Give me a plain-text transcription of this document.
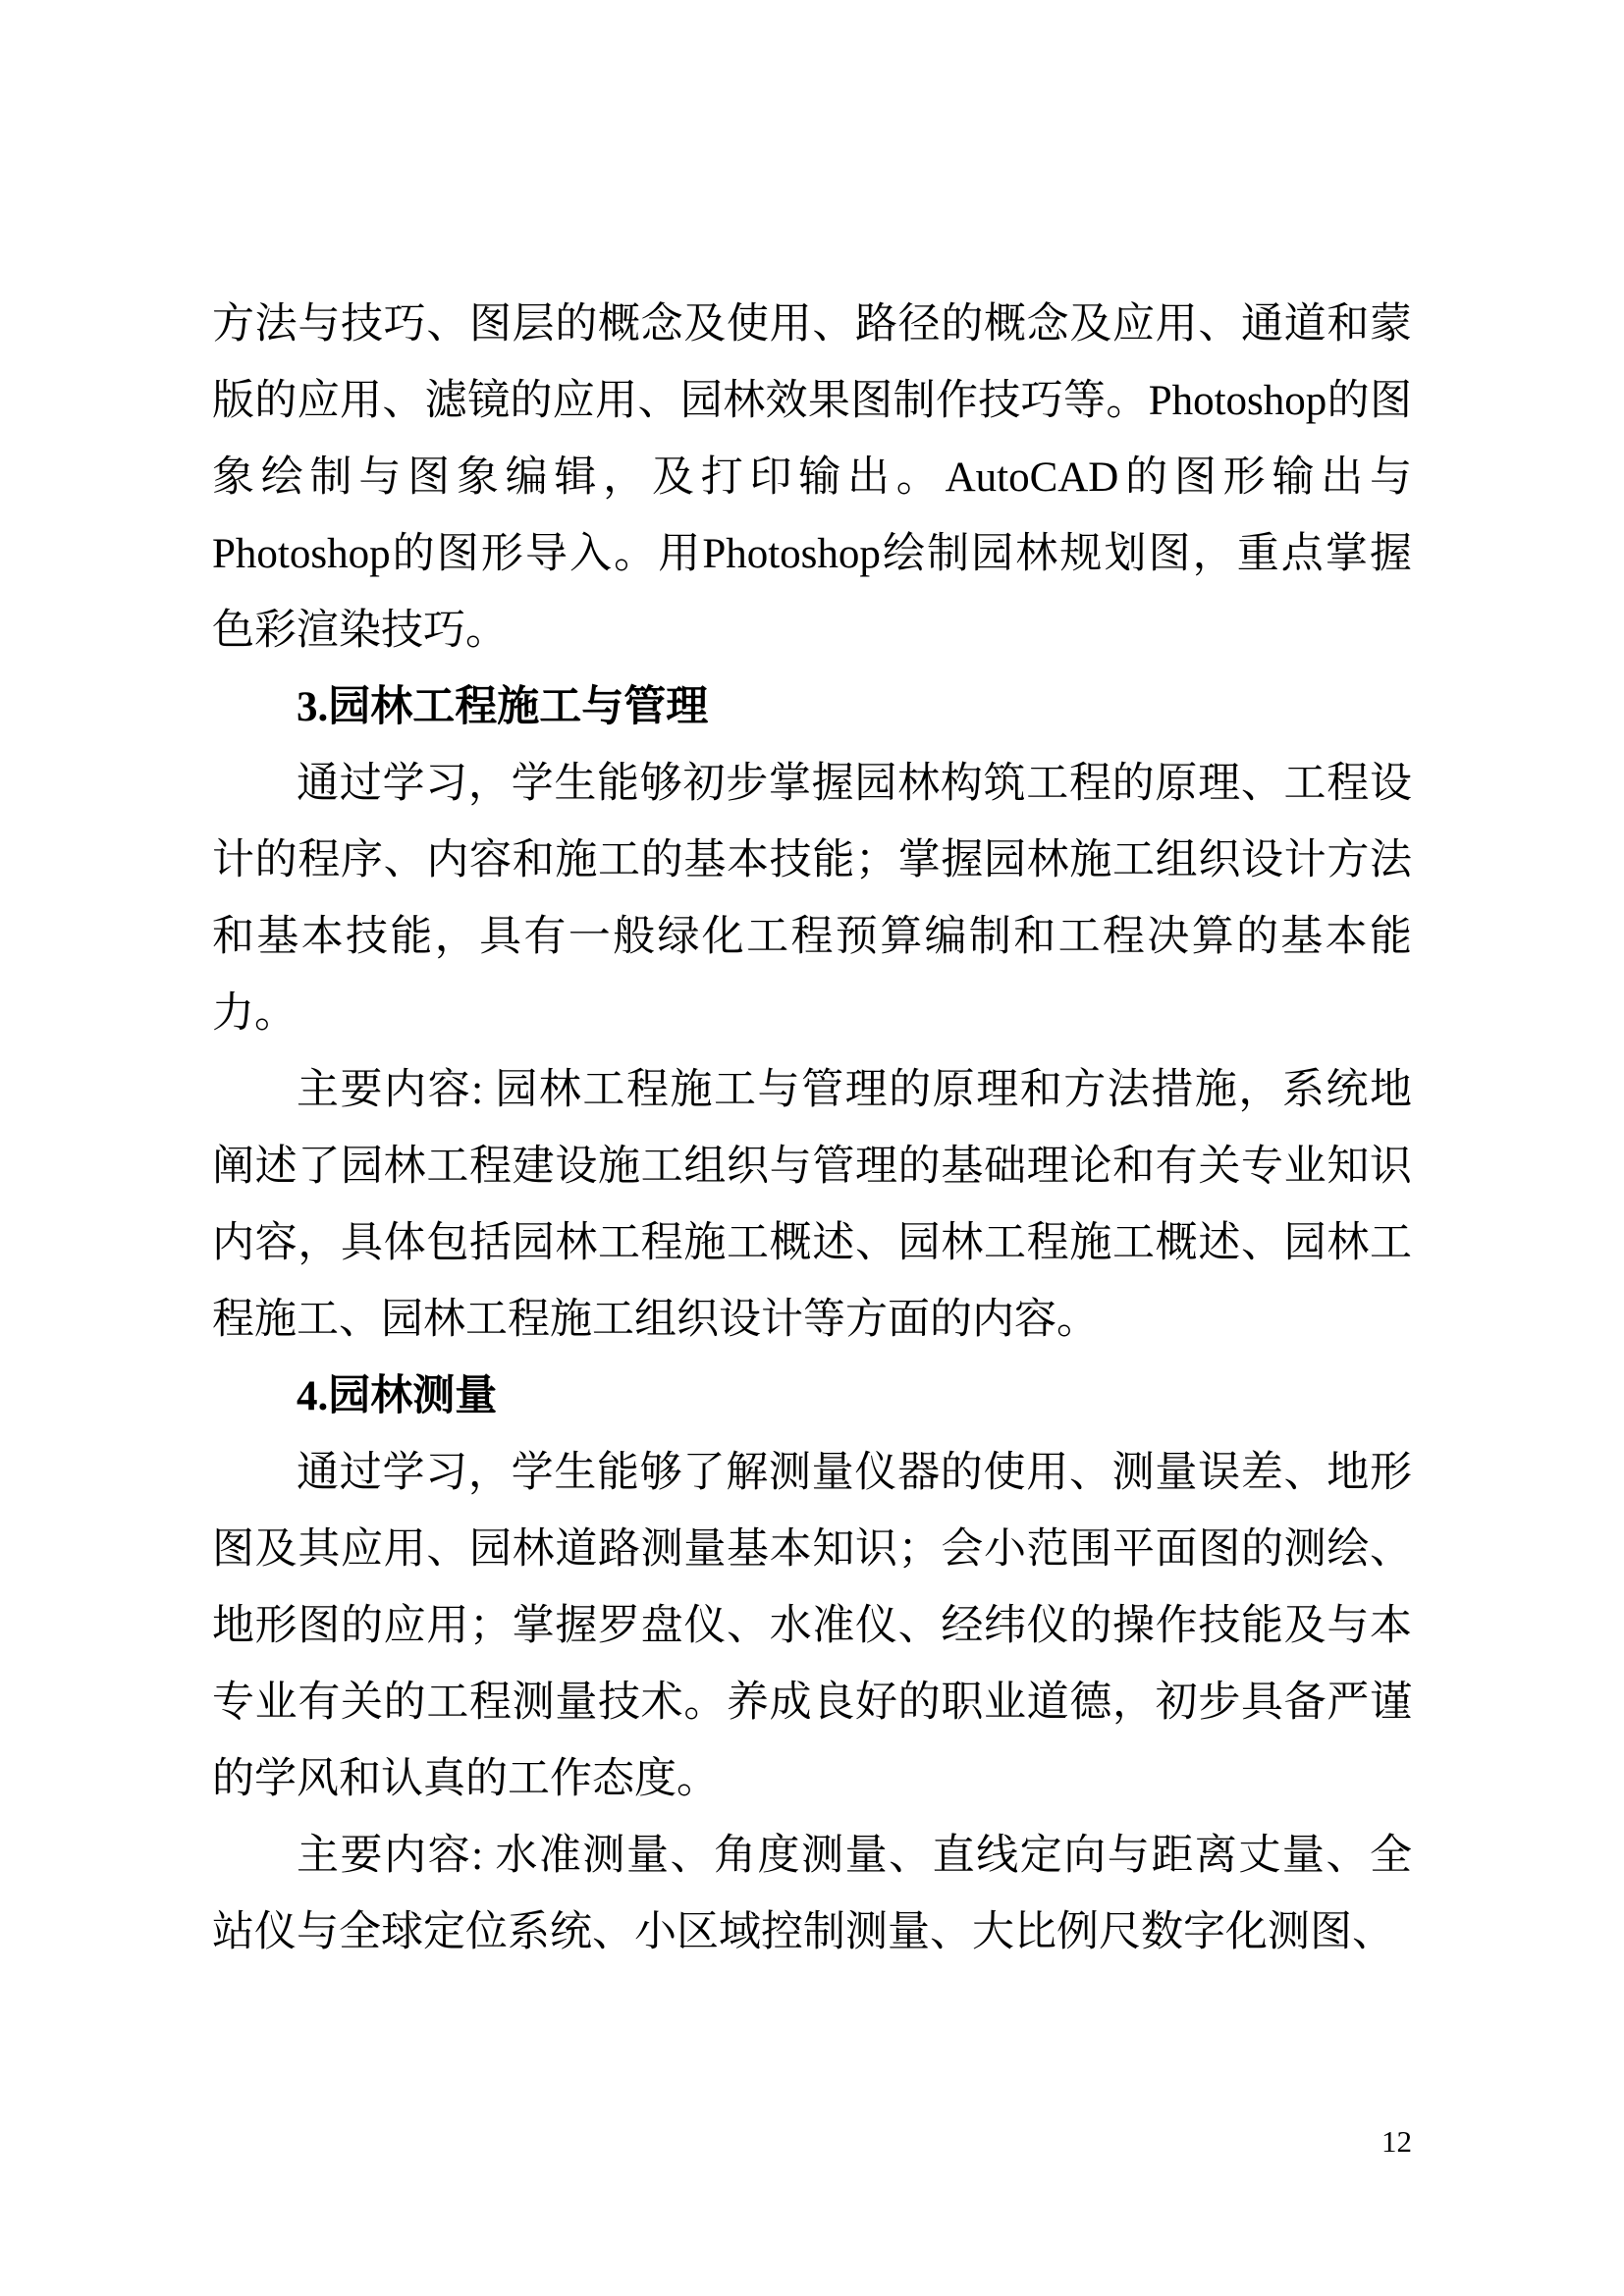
方法与技巧、图层的概念及使用、路径的概念及应用、通道和蒙版的应用、滤镜的应用、园林效果图制作技巧等。Photoshop的图象绘制与图象编辑，及打印输出。AutoCAD的图形输出与Photoshop的图形导入。用Photoshop绘制园林规划图，重点掌握色彩渲染技巧。

3.园林工程施工与管理

通过学习，学生能够初步掌握园林构筑工程的原理、工程设计的程序、内容和施工的基本技能；掌握园林施工组织设计方法和基本技能，具有一般绿化工程预算编制和工程决算的基本能力。

主要内容: 园林工程施工与管理的原理和方法措施，系统地阐述了园林工程建设施工组织与管理的基础理论和有关专业知识内容，具体包括园林工程施工概述、园林工程施工概述、园林工程施工、园林工程施工组织设计等方面的内容。

4.园林测量

通过学习，学生能够了解测量仪器的使用、测量误差、地形图及其应用、园林道路测量基本知识；会小范围平面图的测绘、地形图的应用；掌握罗盘仪、水准仪、经纬仪的操作技能及与本专业有关的工程测量技术。养成良好的职业道德，初步具备严谨的学风和认真的工作态度。

主要内容: 水准测量、角度测量、直线定向与距离丈量、全站仪与全球定位系统、小区域控制测量、大比例尺数字化测图、

12
